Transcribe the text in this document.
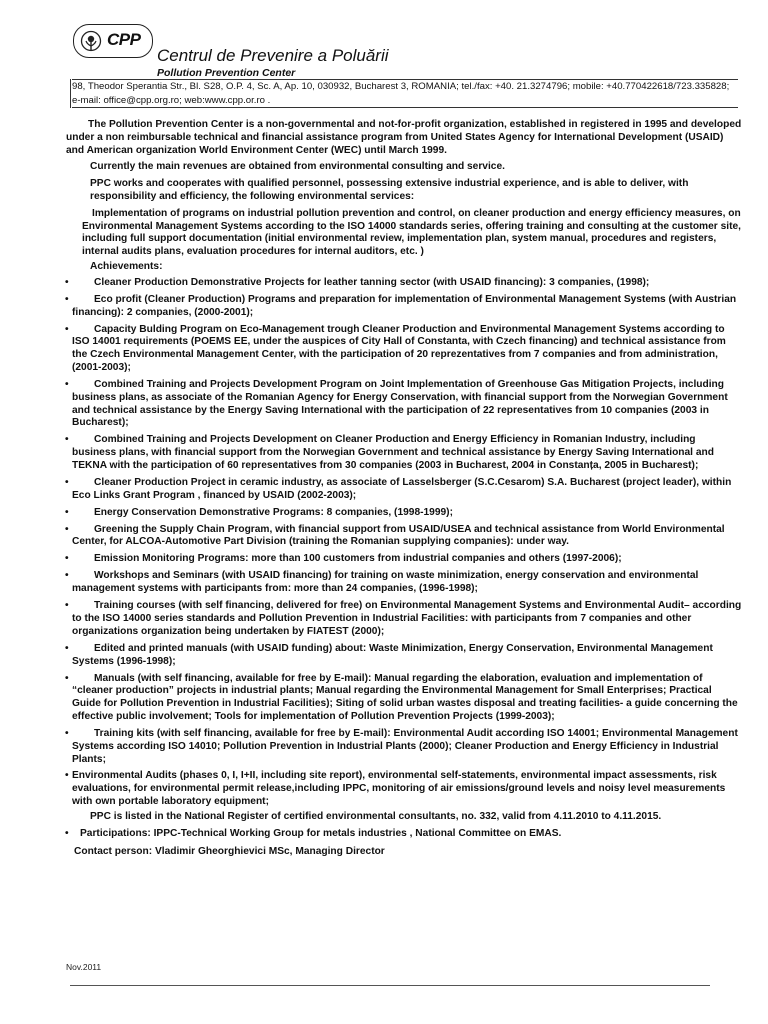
CPP
Centrul de Prevenire a Poluării
Pollution Prevention Center
98, Theodor Sperantia Str., Bl. S28, O.P. 4, Sc. A, Ap. 10, 030932, Bucharest 3, ROMANIA; tel./fax: +40. 21.3274796; mobile: +40.770422618/723.335828;
e-mail: office@cpp.org.ro; web:www.cpp.or.ro .

The Pollution Prevention Center is a non-governmental and not-for-profit organization, established in registered in 1995 and developed under a non reimbursable technical and financial assistance program from United States Agency for International Development (USAID) and American organization World Environment Center (WEC) until March 1999.

Currently the main revenues are obtained from environmental consulting and service.

PPC works and cooperates with qualified personnel, possessing extensive industrial experience, and is able to deliver, with responsibility and efficiency, the following environmental services:

Implementation of programs on industrial pollution prevention and control, on cleaner production and energy efficiency measures, on Environmental Management Systems according to the ISO 14000 standards series, offering training and consulting at the customer site, including full support documentation (initial environmental review, implementation plan, system manual, procedures and registers, internal audits plans, evaluation procedures for internal auditors, etc. )

Achievements:

•	Cleaner Production Demonstrative Projects for leather tanning sector (with USAID financing): 3 companies, (1998);
•	Eco profit (Cleaner Production) Programs and preparation for implementation of Environmental Management Systems (with Austrian financing): 2 companies, (2000-2001);
•	Capacity Bulding Program on Eco-Management trough Cleaner Production and Environmental Management Systems according to ISO 14001 requirements (POEMS EE, under the auspices of City Hall of Constanta, with Czech financing) and technical assistance from the Czech Environmental Management Center, with the participation of 20 reprezentatives from 7 companies and from administration, (2001-2003);
•	Combined Training and Projects Development Program on Joint Implementation of Greenhouse Gas Mitigation Projects, including business plans, as associate of the Romanian Agency for Energy Conservation, with financial support from the Norwegian Government and technical assistance by the Energy Saving International with the participation of 22 representatives from 10 companies (2003 in Bucharest);
•	Combined Training and Projects Development on Cleaner Production and Energy Efficiency in Romanian Industry, including business plans, with financial support from the Norwegian Government and technical assistance by Energy Saving International and TEKNA with the participation of 60 representatives from 30 companies (2003 in Bucharest, 2004 in Constanța, 2005 in Bucharest);
•	Cleaner Production Project in ceramic industry, as associate of Lasselsberger (S.C.Cesarom) S.A. Bucharest (project leader), within Eco Links Grant Program , financed by USAID (2002-2003);
•	Energy Conservation Demonstrative Programs: 8 companies, (1998-1999);
•	Greening the Supply Chain Program, with financial support from USAID/USEA and technical assistance from World Environmental Center, for ALCOA-Automotive Part Division (training the Romanian supplying companies): under way.
•	Emission Monitoring Programs: more than 100 customers from industrial companies and others (1997-2006);
•	Workshops and Seminars (with USAID financing) for training on waste minimization, energy conservation and environmental management systems with participants from: more than 24 companies, (1996-1998);
•	Training courses (with self financing, delivered for free) on Environmental Management Systems and Environmental Audit– according to the ISO 14000 series standards and Pollution Prevention in Industrial Facilities: with participants from 7 companies and other organizations organization being undertaken by FIATEST (2000);
•	Edited and printed manuals (with USAID funding) about: Waste Minimization, Energy Conservation, Environmental Management Systems (1996-1998);
•	Manuals (with self financing, available for free by E-mail): Manual regarding the elaboration, evaluation and implementation of “cleaner production” projects in industrial plants; Manual regarding the Environmental Management for Small Enterprises; Practical Guide for Pollution Prevention in Industrial Facilities); Siting of solid urban wastes disposal and treating facilities- a guide concerning the effective public involvement; Tools for implementation of Pollution Prevention Projects (1999-2003);
•	Training kits (with self financing, available for free by E-mail): Environmental Audit according ISO 14001; Environmental Management Systems according ISO 14010; Pollution Prevention in Industrial Plants (2000); Cleaner Production and Energy Efficiency in Industrial Plants;
• Environmental Audits (phases 0, I, I+II, including site report), environmental self-statements, environmental impact assessments, risk evaluations, for environmental permit release,including IPPC, monitoring of air emissions/ground levels and noisy level measurements with own portable laboratory equipment;

PPC is listed in the National Register of certified environmental consultants, no. 332, valid from 4.11.2010 to 4.11.2015.

•	Participations: IPPC-Technical Working Group for metals industries , National Committee on EMAS.

Contact person: Vladimir Gheorghievici MSc, Managing Director

Nov.2011
